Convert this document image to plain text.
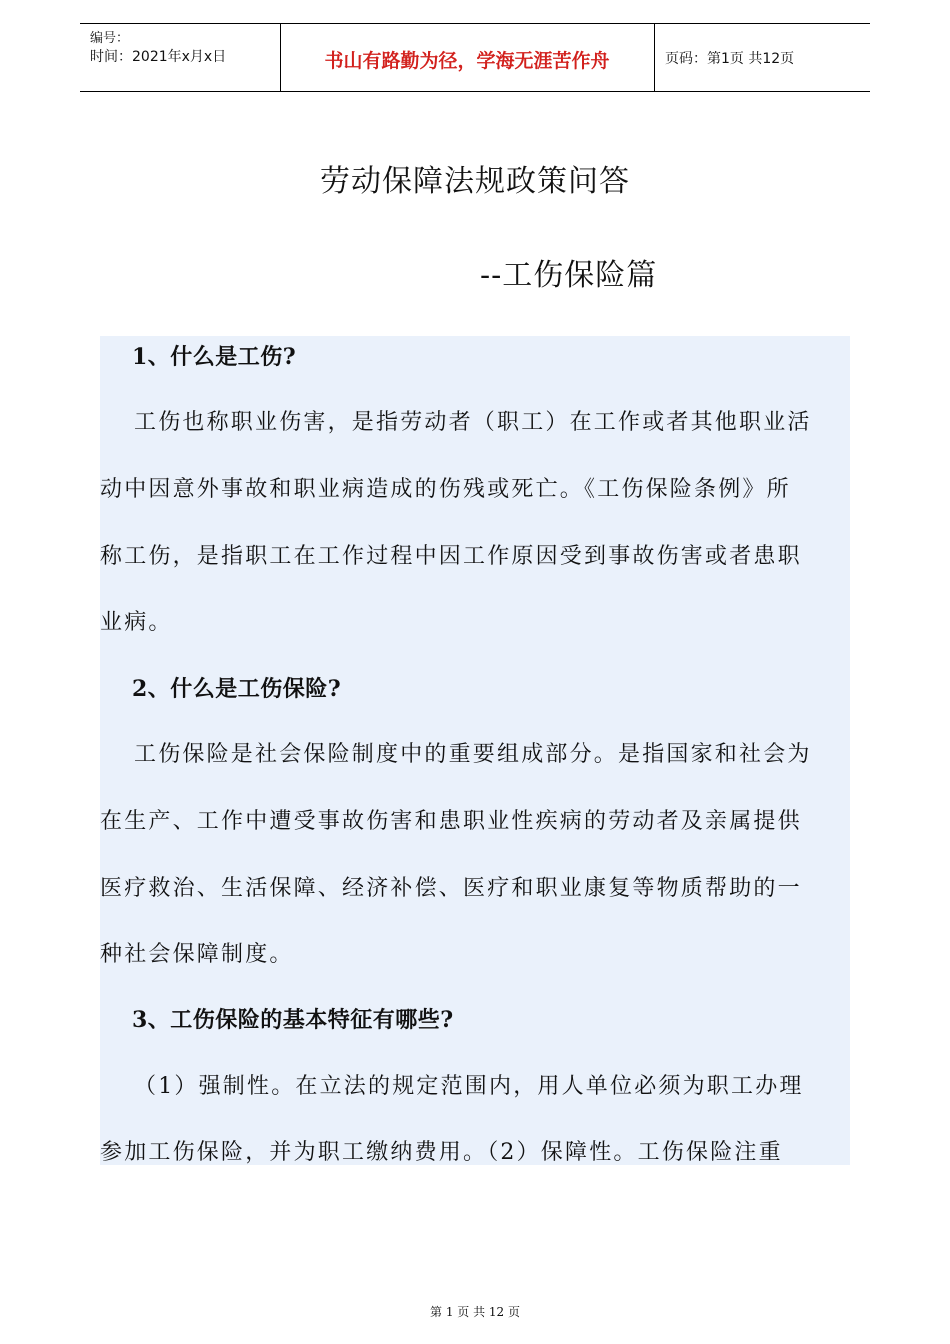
编号：
时间：2021年x月x日	书山有路勤为径，学海无涯苦作舟	页码：第1页 共12页
劳动保障法规政策问答
--工伤保险篇
1、什么是工伤?
工伤也称职业伤害，是指劳动者（职工）在工作或者其他职业活
动中因意外事故和职业病造成的伤残或死亡。《工伤保险条例》所
称工伤，是指职工在工作过程中因工作原因受到事故伤害或者患职
业病。
2、什么是工伤保险?
工伤保险是社会保险制度中的重要组成部分。是指国家和社会为
在生产、工作中遭受事故伤害和患职业性疾病的劳动者及亲属提供
医疗救治、生活保障、经济补偿、医疗和职业康复等物质帮助的一
种社会保障制度。
3、工伤保险的基本特征有哪些?
（1）强制性。在立法的规定范围内，用人单位必须为职工办理
参加工伤保险，并为职工缴纳费用。（2）保障性。工伤保险注重
第 1 页 共 12 页
